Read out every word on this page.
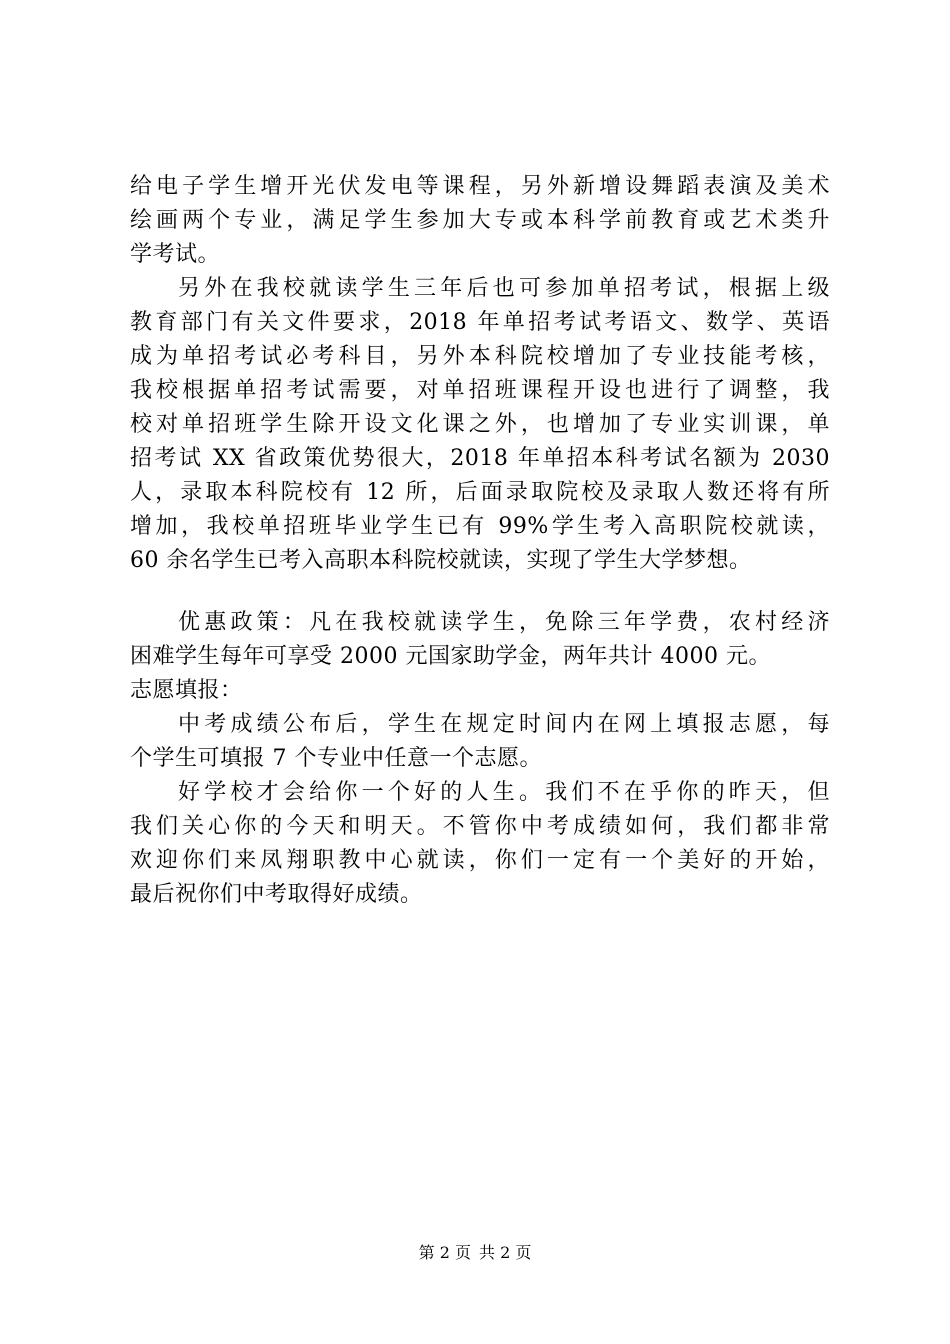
给电子学生增开光伏发电等课程，另外新增设舞蹈表演及美术
绘画两个专业，满足学生参加大专或本科学前教育或艺术类升
学考试。
另外在我校就读学生三年后也可参加单招考试，根据上级
教育部门有关文件要求，2018 年单招考试考语文、数学、英语
成为单招考试必考科目，另外本科院校增加了专业技能考核，
我校根据单招考试需要，对单招班课程开设也进行了调整，我
校对单招班学生除开设文化课之外，也增加了专业实训课，单
招考试 XX 省政策优势很大，2018 年单招本科考试名额为 2030
人，录取本科院校有 12 所，后面录取院校及录取人数还将有所
增加，我校单招班毕业学生已有 99%学生考入高职院校就读，
60 余名学生已考入高职本科院校就读，实现了学生大学梦想。
优惠政策：凡在我校就读学生，免除三年学费，农村经济
困难学生每年可享受 2000 元国家助学金，两年共计 4000 元。
志愿填报：
中考成绩公布后，学生在规定时间内在网上填报志愿，每
个学生可填报 7 个专业中任意一个志愿。
好学校才会给你一个好的人生。我们不在乎你的昨天，但
我们关心你的今天和明天。不管你中考成绩如何，我们都非常
欢迎你们来凤翔职教中心就读，你们一定有一个美好的开始，
最后祝你们中考取得好成绩。
第 2 页 共 2 页
